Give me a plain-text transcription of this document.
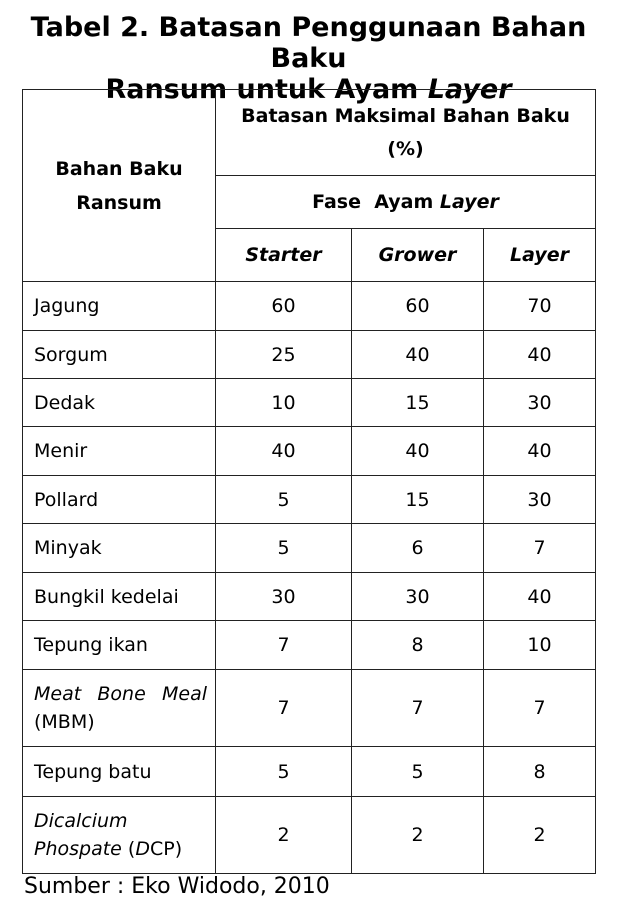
Tabel 2. Batasan Penggunaan Bahan Baku
Ransum untuk Ayam Layer
Bahan Baku Ransum	Batasan Maksimal Bahan Baku (%)		
	Fase  Ayam Layer		
	Starter	Grower	Layer
Jagung	60	60	70
Sorgum	25	40	40
Dedak	10	15	30
Menir	40	40	40
Pollard	5	15	30
Minyak	5	6	7
Bungkil kedelai	30	30	40
Tepung ikan	7	8	10

Meat Bone Meal
(MBM)	7	7	7
Tepung batu	5	5	8

Dicalcium
Phospate (DCP)	2	2	2
Sumber : Eko Widodo, 2010
